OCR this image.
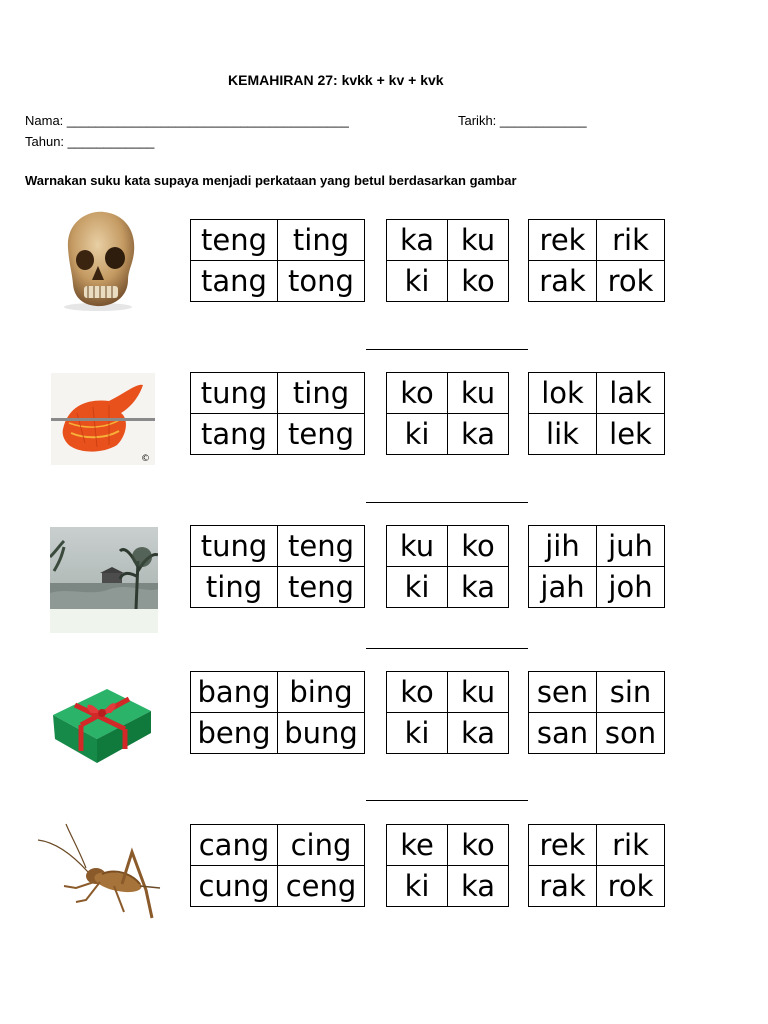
KEMAHIRAN 27: kvkk + kv + kvk
Nama: _______________________________________	Tarikh: ____________
Tahun: ____________
Warnakan suku kata supaya menjadi perkataan yang betul berdasarkan gambar
©
teng	ting
tang	tong
ka	ku
ki	ko
rek	rik
rak	rok
tung	ting
tang	teng
ko	ku
ki	ka
lok	lak
lik	lek
tung	teng
ting	teng
ku	ko
ki	ka
jih	juh
jah	joh
bang	bing
beng	bung
ko	ku
ki	ka
sen	sin
san	son
cang	cing
cung	ceng
ke	ko
ki	ka
rek	rik
rak	rok
